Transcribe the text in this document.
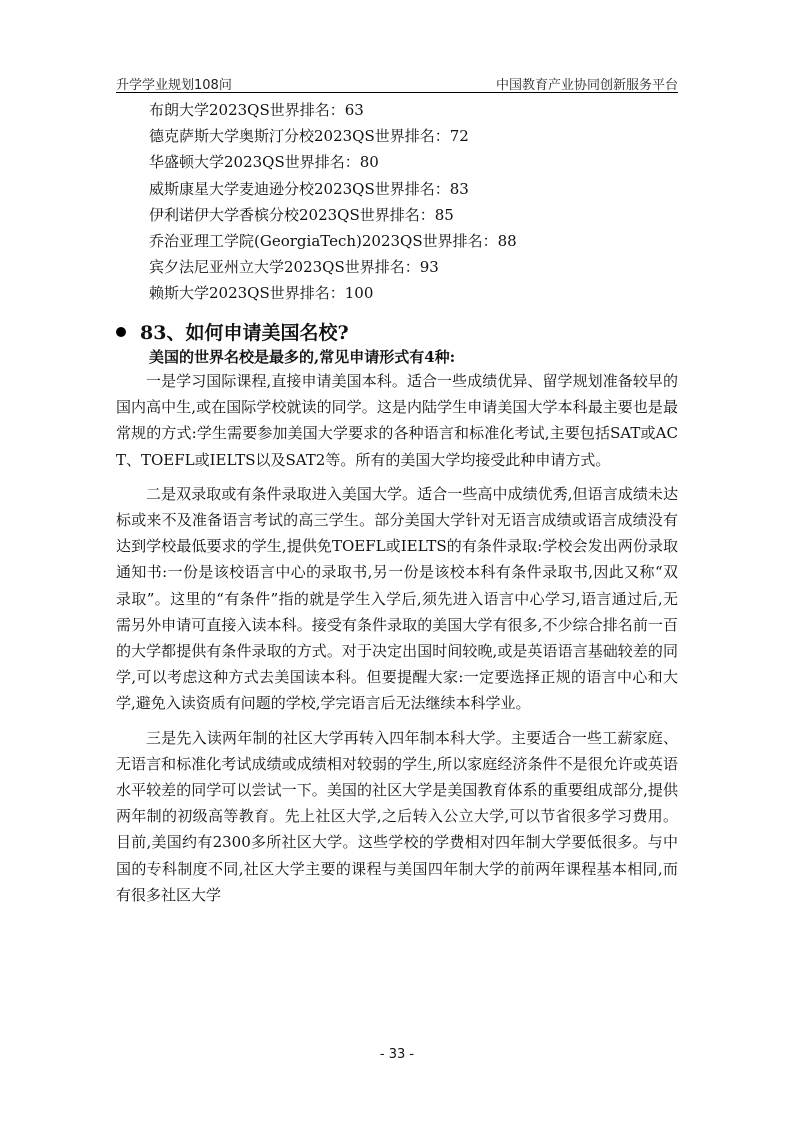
升学学业规划108问	中国教育产业协同创新服务平台
布朗大学2023QS世界排名：63
德克萨斯大学奥斯汀分校2023QS世界排名：72
华盛顿大学2023QS世界排名：80
威斯康星大学麦迪逊分校2023QS世界排名：83
伊利诺伊大学香槟分校2023QS世界排名：85
乔治亚理工学院(GeorgiaTech)2023QS世界排名：88
宾夕法尼亚州立大学2023QS世界排名：93
赖斯大学2023QS世界排名：100
83、如何申请美国名校?
美国的世界名校是最多的,常见申请形式有4种:

一是学习国际课程,直接申请美国本科。适合一些成绩优异、留学规划准备较早的国内高中生,或在国际学校就读的同学。这是内陆学生申请美国大学本科最主要也是最常规的方式:学生需要参加美国大学要求的各种语言和标准化考试,主要包括SAT或ACT、TOEFL或IELTS以及SAT2等。所有的美国大学均接受此种申请方式。

二是双录取或有条件录取进入美国大学。适合一些高中成绩优秀,但语言成绩未达标或来不及准备语言考试的高三学生。部分美国大学针对无语言成绩或语言成绩没有达到学校最低要求的学生,提供免TOEFL或IELTS的有条件录取:学校会发出两份录取通知书:一份是该校语言中心的录取书,另一份是该校本科有条件录取书,因此又称“双录取”。这里的“有条件”指的就是学生入学后,须先进入语言中心学习,语言通过后,无需另外申请可直接入读本科。接受有条件录取的美国大学有很多,不少综合排名前一百的大学都提供有条件录取的方式。对于决定出国时间较晚,或是英语语言基础较差的同学,可以考虑这种方式去美国读本科。但要提醒大家:一定要选择正规的语言中心和大学,避免入读资质有问题的学校,学完语言后无法继续本科学业。

三是先入读两年制的社区大学再转入四年制本科大学。主要适合一些工薪家庭、无语言和标准化考试成绩或成绩相对较弱的学生,所以家庭经济条件不是很允许或英语水平较差的同学可以尝试一下。美国的社区大学是美国教育体系的重要组成部分,提供两年制的初级高等教育。先上社区大学,之后转入公立大学,可以节省很多学习费用。目前,美国约有2300多所社区大学。这些学校的学费相对四年制大学要低很多。与中国的专科制度不同,社区大学主要的课程与美国四年制大学的前两年课程基本相同,而有很多社区大学

- 33 -
